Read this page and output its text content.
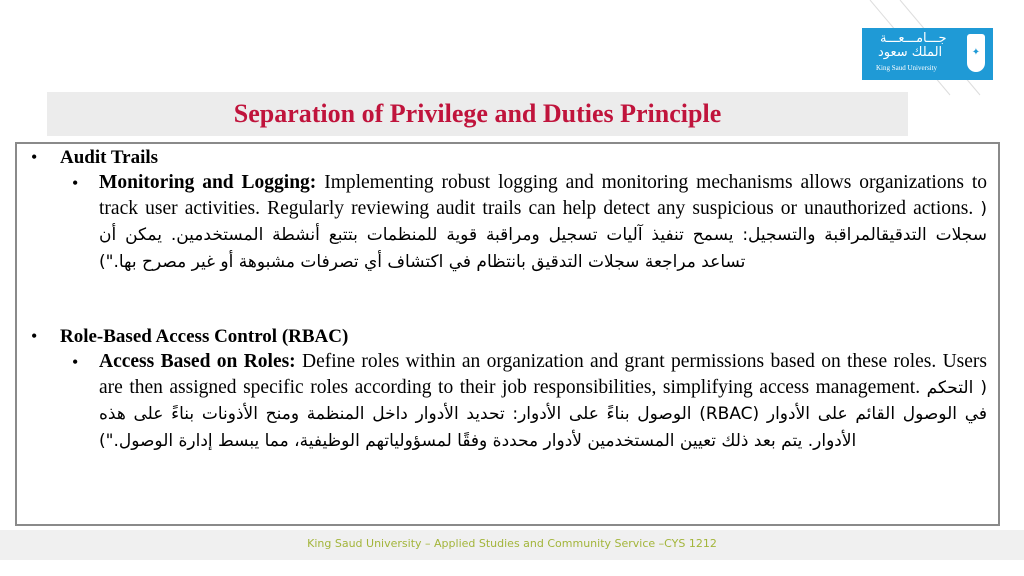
جـــامـــعـــة
الملك سعود
King Saud University
✦
Separation of Privilege and Duties Principle
• Audit Trails
• Monitoring and Logging: Implementing robust logging and monitoring mechanisms allows organizations to track user activities. Regularly reviewing audit trails can help detect any suspicious or unauthorized actions. ( سجلات التدقيقالمراقبة والتسجيل: يسمح تنفيذ آليات تسجيل ومراقبة قوية للمنظمات بتتبع أنشطة المستخدمين. يمكن أن تساعد مراجعة سجلات التدقيق بانتظام في اكتشاف أي تصرفات مشبوهة أو غير مصرح بها.")
• Role-Based Access Control (RBAC)
• Access Based on Roles: Define roles within an organization and grant permissions based on these roles. Users are then assigned specific roles according to their job responsibilities, simplifying access management. ( التحكم في الوصول القائم على الأدوار (RBAC) الوصول بناءً على الأدوار: تحديد الأدوار داخل المنظمة ومنح الأذونات بناءً على هذه الأدوار. يتم بعد ذلك تعيين المستخدمين لأدوار محددة وفقًا لمسؤولياتهم الوظيفية، مما يبسط إدارة الوصول.")
King Saud University – Applied Studies and Community Service –CYS 1212
